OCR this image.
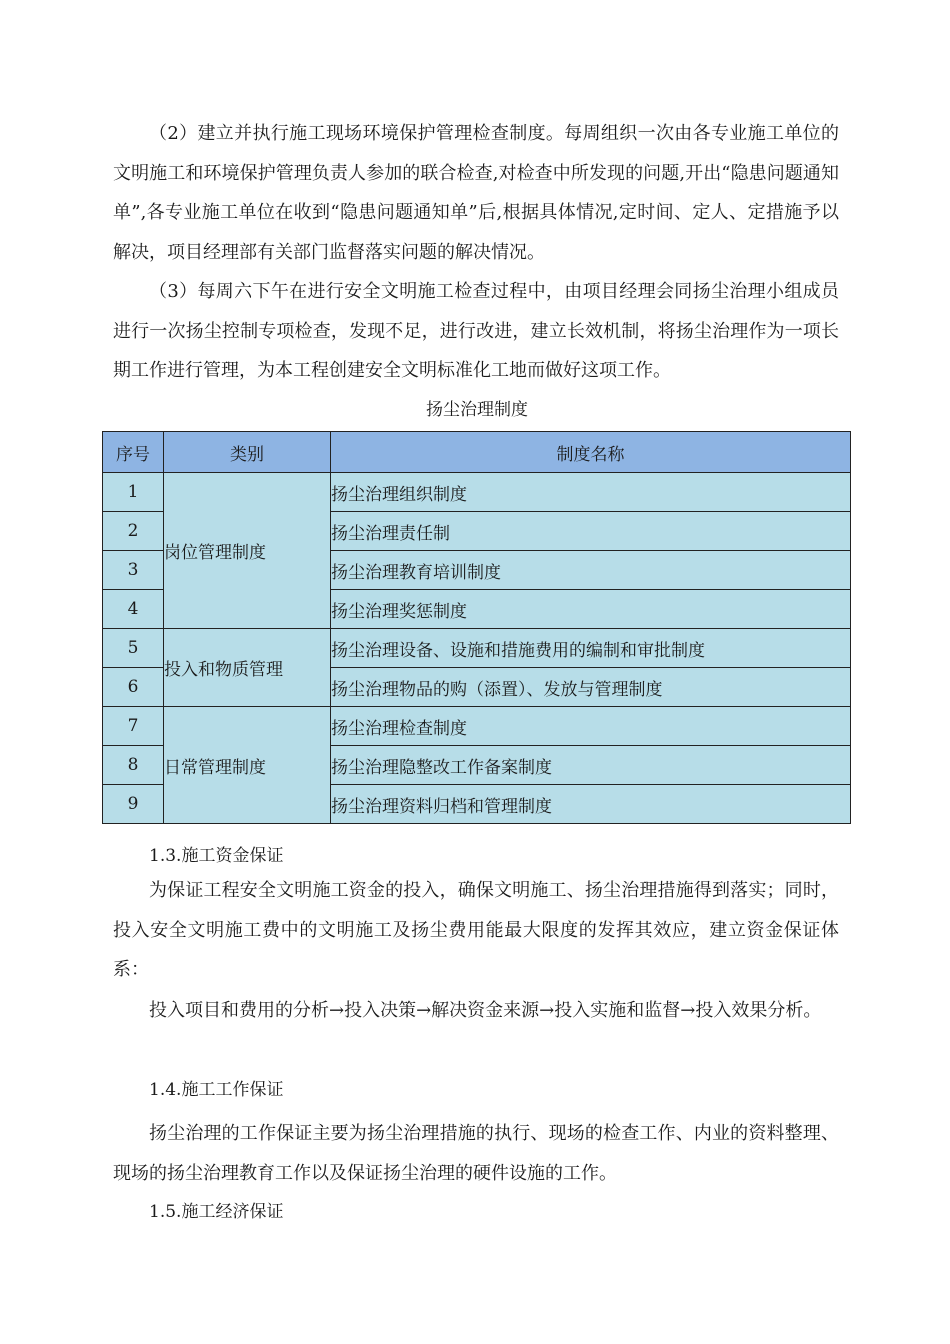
（2）建立并执行施工现场环境保护管理检查制度。每周组织一次由各专业施工单位的文明施工和环境保护管理负责人参加的联合检查,对检查中所发现的问题,开出“隐患问题通知单”,各专业施工单位在收到“隐患问题通知单”后,根据具体情况,定时间、定人、定措施予以解决，项目经理部有关部门监督落实问题的解决情况。

（3）每周六下午在进行安全文明施工检查过程中，由项目经理会同扬尘治理小组成员进行一次扬尘控制专项检查，发现不足，进行改进，建立长效机制，将扬尘治理作为一项长期工作进行管理，为本工程创建安全文明标准化工地而做好这项工作。

扬尘治理制度

序号	类别	制度名称
1	岗位管理制度	扬尘治理组织制度
2		扬尘治理责任制
3		扬尘治理教育培训制度
4		扬尘治理奖惩制度
5	投入和物质管理	扬尘治理设备、设施和措施费用的编制和审批制度
6		扬尘治理物品的购（添置）、发放与管理制度
7	日常管理制度	扬尘治理检查制度
8		扬尘治理隐整改工作备案制度
9		扬尘治理资料归档和管理制度

1.3.施工资金保证

为保证工程安全文明施工资金的投入，确保文明施工、扬尘治理措施得到落实；同时，投入安全文明施工费中的文明施工及扬尘费用能最大限度的发挥其效应，建立资金保证体系：

投入项目和费用的分析→投入决策→解决资金来源→投入实施和监督→投入效果分析。

1.4.施工工作保证

扬尘治理的工作保证主要为扬尘治理措施的执行、现场的检查工作、内业的资料整理、现场的扬尘治理教育工作以及保证扬尘治理的硬件设施的工作。

1.5.施工经济保证
